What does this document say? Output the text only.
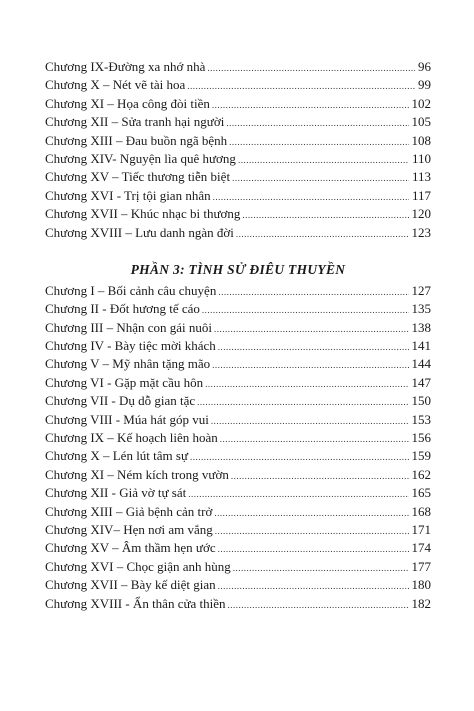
Chương IX-Đường xa nhớ nhà .....	96
Chương X – Nét vẽ tài hoa .....	99
Chương XI – Họa công đòi tiền .....	102
Chương XII – Sửa tranh hại người .....	105
Chương XIII – Đau buồn ngã bệnh .....	108
Chương XIV- Nguyện lìa quê hương .....	110
Chương XV – Tiếc thương tiễn biệt .....	113
Chương XVI - Trị tội gian nhân .....	117
Chương XVII – Khúc nhạc bi thương .....	120
Chương XVIII – Lưu danh ngàn đời .....	123
PHẦN 3: TÌNH SỬ ĐIÊU THUYỀN
Chương I – Bối cảnh câu chuyện .....	127
Chương II - Đốt hương tế cáo .....	135
Chương III – Nhận con gái nuôi .....	138
Chương IV - Bày tiệc mời khách .....	141
Chương V – Mỹ nhân tặng mão .....	144
Chương VI - Gặp mặt cầu hôn .....	147
Chương VII - Dụ dỗ gian tặc .....	150
Chương VIII - Múa hát góp vui .....	153
Chương IX – Kế hoạch liên hoàn .....	156
Chương X – Lén lút tâm sự .....	159
Chương XI – Ném kích trong vườn .....	162
Chương XII - Giả vờ tự sát .....	165
Chương XIII – Giả bệnh cản trở .....	168
Chương XIV– Hẹn nơi am vắng .....	171
Chương XV – Âm thầm hẹn ước .....	174
Chương XVI – Chọc giận anh hùng .....	177
Chương XVII – Bày kế diệt gian .....	180
Chương XVIII - Ẩn thân cửa thiền .....	182
